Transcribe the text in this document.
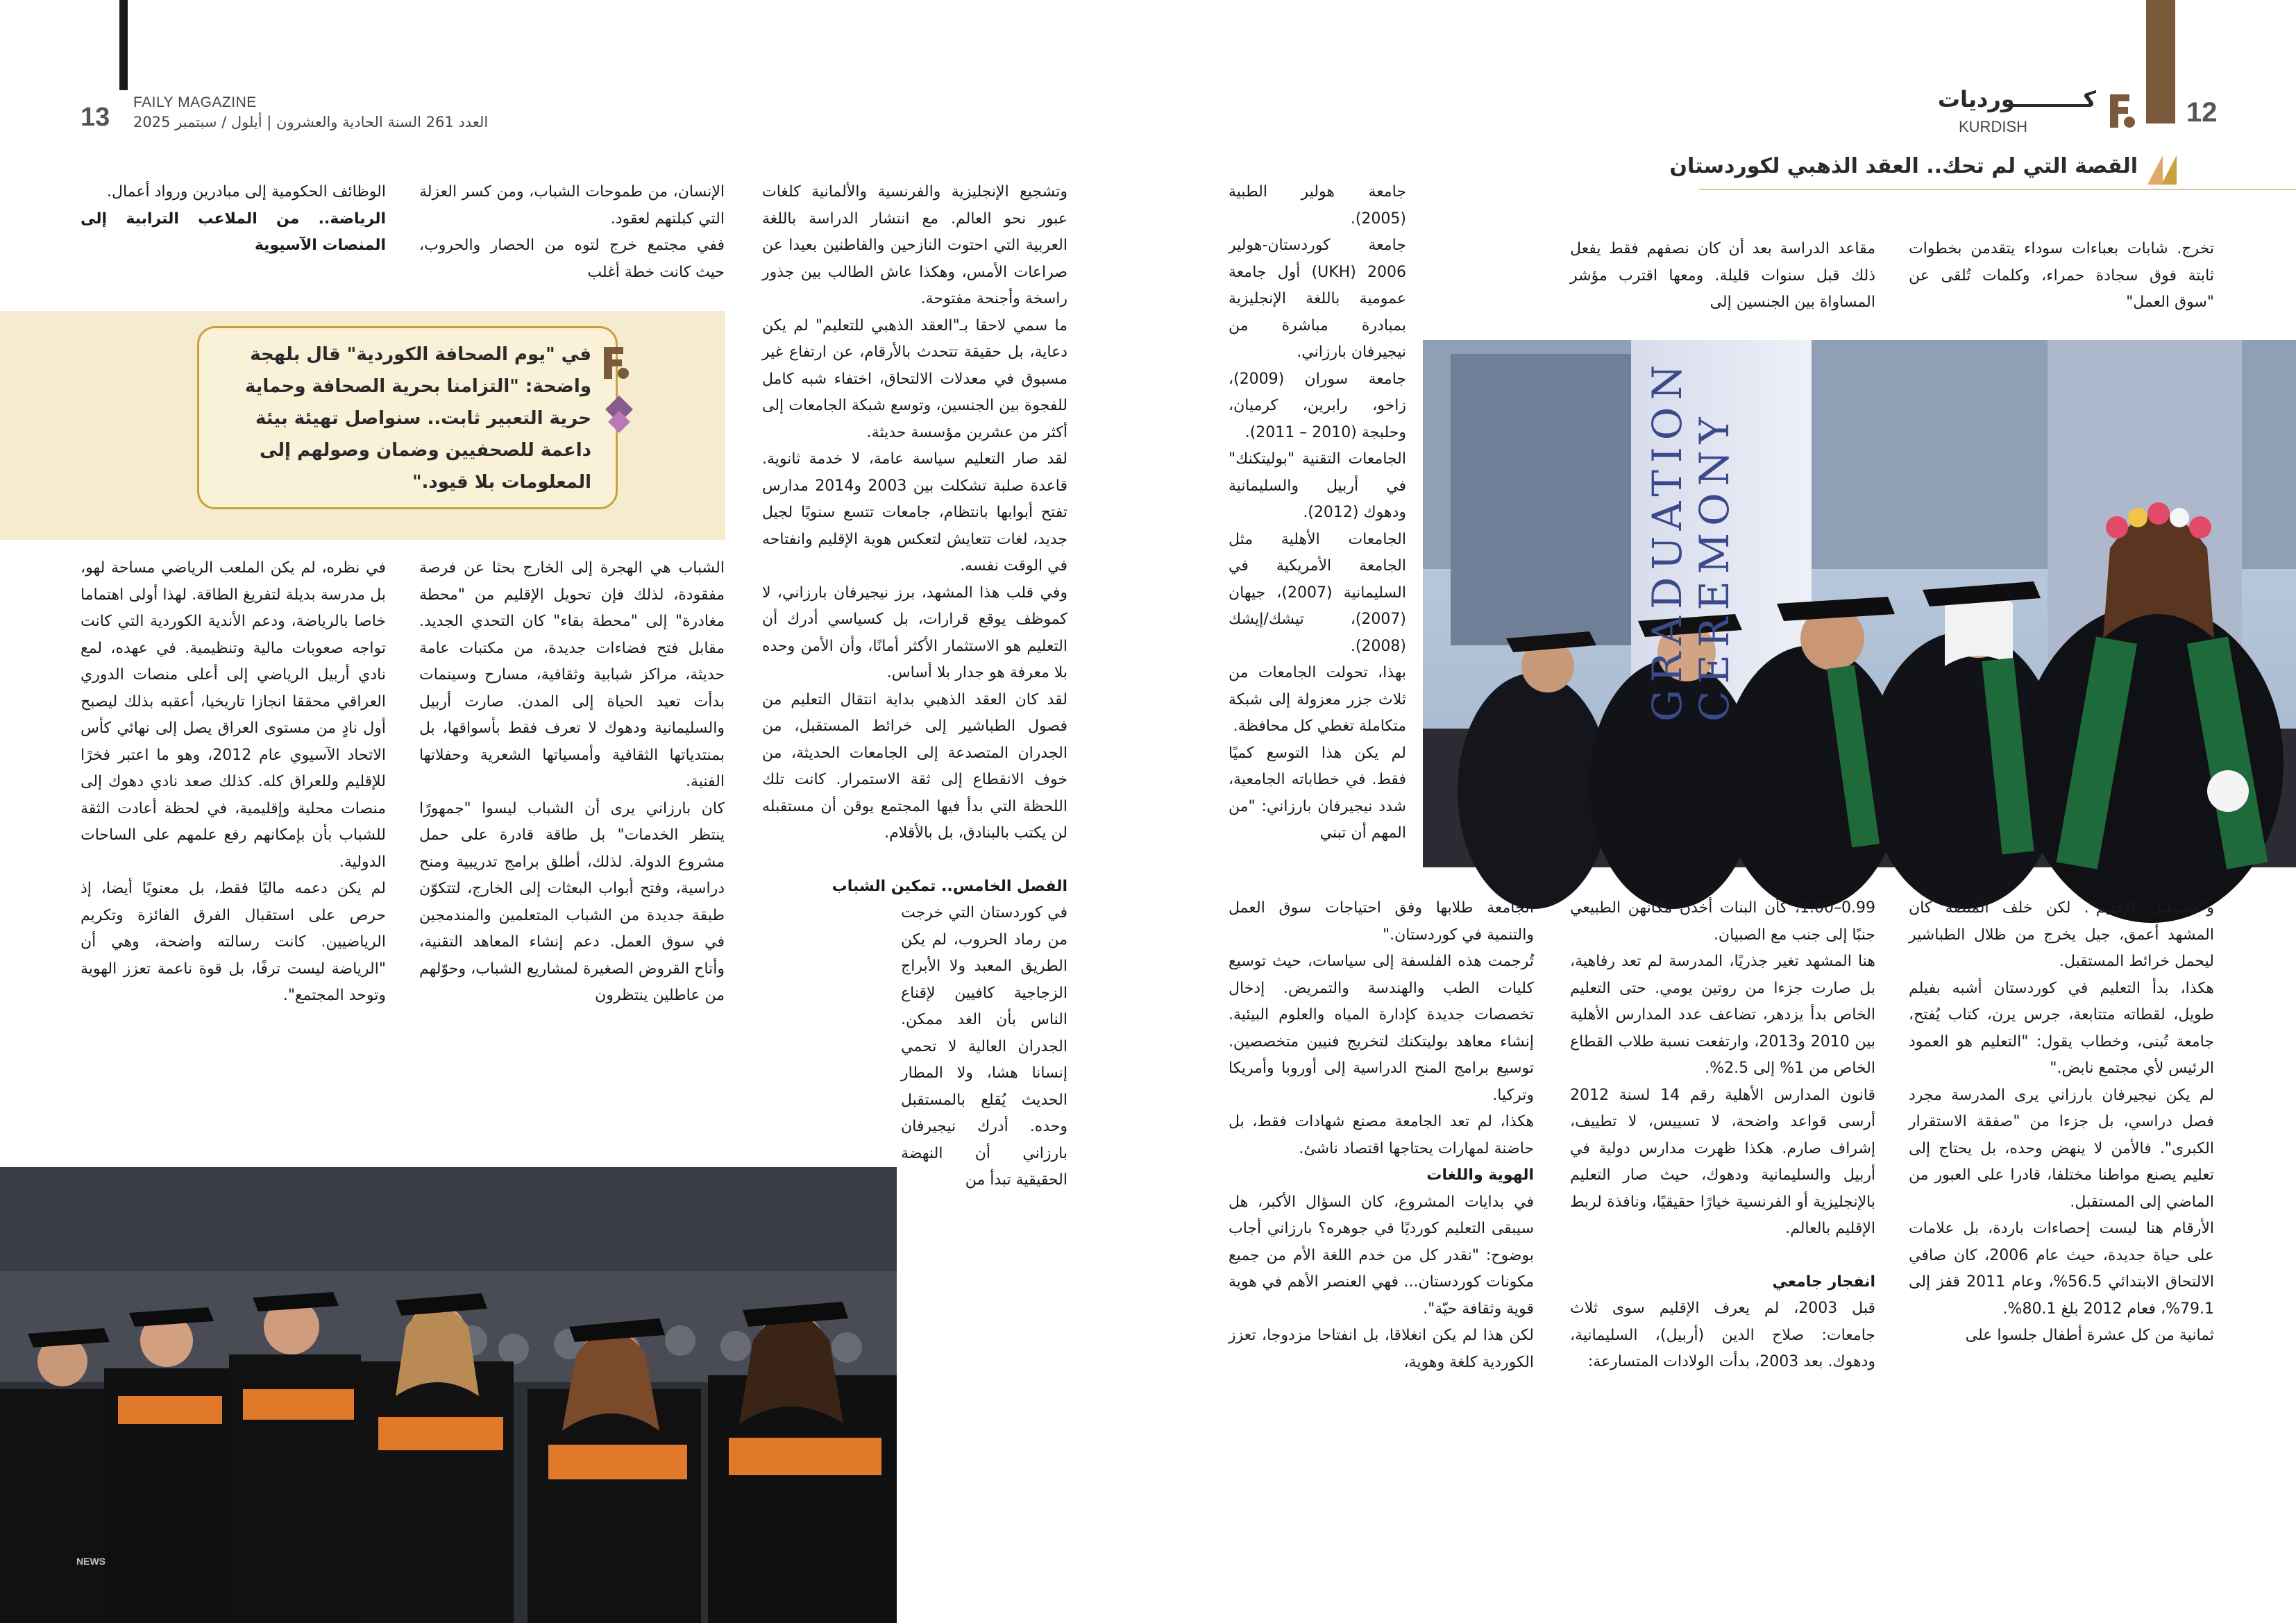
13
FAILY MAGAZINE
العدد 261 السنة الحادية والعشرون | أيلول / سبتمبر 2025	12
كـــــــــورديات
KURDISH
القصة التي لم تحك.. العقد الذهبي لكوردستان
GRADUATION CEREMONY
NEWS
في "يوم الصحافة الكوردية" قال بلهجة واضحة: "التزامنا بحرية الصحافة وحماية حرية التعبير ثابت.. سنواصل تهيئة بيئة داعمة للصحفيين وضمان وصولهم إلى المعلومات بلا قيود."

تخرج. شابات بعباءات سوداء يتقدمن بخطوات ثابتة فوق سجادة حمراء، وكلمات تُلقى عن "سوق العمل"

مقاعد الدراسة بعد أن كان نصفهم فقط يفعل ذلك قبل سنوات قليلة. ومعها اقترب مؤشر المساواة بين الجنسين إلى

جامعة هولير الطبية (2005).

جامعة كوردستان-هولير 2006 (UKH) أول جامعة عمومية باللغة الإنجليزية بمبادرة مباشرة من نيجيرفان بارزاني.

جامعة سوران (2009)، زاخو، رابرين، كرميان، وحلبجة (2010 – 2011).

الجامعات التقنية "بوليتكنك" في أربيل والسليمانية ودهوك (2012).

الجامعات الأهلية مثل الجامعة الأمريكية في السليمانية (2007)، جيهان (2007)، تيشك/إيشك (2008).

بهذا، تحولت الجامعات من ثلاث جزر معزولة إلى شبكة متكاملة تغطي كل محافظة.

لم يكن هذا التوسع كميًا فقط. في خطاباته الجامعية، شدد نيجيرفان بارزاني: "من المهم أن تبني

و"مستقبل الإقليم". لكن خلف المنصة كان المشهد أعمق، جيل يخرج من ظلال الطباشير ليحمل خرائط المستقبل.

هكذا، بدأ التعليم في كوردستان أشبه بفيلم طويل، لقطاته متتابعة، جرس يرن، كتاب يُفتح، جامعة تُبنى، وخطاب يقول: "التعليم هو العمود الرئيس لأي مجتمع نابض."

لم يكن نيجيرفان بارزاني يرى المدرسة مجرد فصل دراسي، بل جزءا من "صفقة الاستقرار الكبرى". فالأمن لا ينهض وحده، بل يحتاج إلى تعليم يصنع مواطنا مختلفا، قادرا على العبور من الماضي إلى المستقبل.

الأرقام هنا ليست إحصاءات باردة، بل علامات على حياة جديدة، حيث عام 2006، كان صافي الالتحاق الابتدائي 56.5%، وعام 2011 قفز إلى 79.1%، فعام 2012 بلغ 80.1%.

ثمانية من كل عشرة أطفال جلسوا على

0.99–1.00، كأن البنات أخذن مكانهن الطبيعي جنبًا إلى جنب مع الصبيان.

هنا المشهد تغير جذريًا، المدرسة لم تعد رفاهية، بل صارت جزءا من روتين يومي. حتى التعليم الخاص بدأ يزدهر، تضاعف عدد المدارس الأهلية بين 2010 و2013، وارتفعت نسبة طلاب القطاع الخاص من 1% إلى 2.5%.

قانون المدارس الأهلية رقم 14 لسنة 2012 أرسى قواعد واضحة، لا تسييس، لا تطييف، إشراف صارم. هكذا ظهرت مدارس دولية في أربيل والسليمانية ودهوك، حيث صار التعليم بالإنجليزية أو الفرنسية خيارًا حقيقيًا، ونافذة لربط الإقليم بالعالم.

انفجار جامعي

قبل 2003، لم يعرف الإقليم سوى ثلاث جامعات: صلاح الدين (أربيل)، السليمانية، ودهوك. بعد 2003، بدأت الولادات المتسارعة:

الجامعة طلابها وفق احتياجات سوق العمل والتنمية في كوردستان."

تُرجمت هذه الفلسفة إلى سياسات، حيث توسيع كليات الطب والهندسة والتمريض. إدخال تخصصات جديدة كإدارة المياه والعلوم البيئية. إنشاء معاهد بوليتكنك لتخريج فنيين متخصصين. توسيع برامج المنح الدراسية إلى أوروبا وأمريكا وتركيا.

هكذا، لم تعد الجامعة مصنع شهادات فقط، بل حاضنة لمهارات يحتاجها اقتصاد ناشئ.

الهوية واللغات

في بدايات المشروع، كان السؤال الأكبر، هل سيبقى التعليم كورديًا في جوهره؟ بارزاني أجاب بوضوح: "نقدر كل من خدم اللغة الأم من جميع مكونات كوردستان... فهي العنصر الأهم في هوية قوية وثقافة حيّة".

لكن هذا لم يكن انغلاقا، بل انفتاحا مزدوجا، تعزز الكوردية كلغة وهوية،

وتشجيع الإنجليزية والفرنسية والألمانية كلغات عبور نحو العالم. مع انتشار الدراسة باللغة العربية التي احتوت النازحين والقاطنين بعيدا عن صراعات الأمس، وهكذا عاش الطالب بين جذور راسخة وأجنحة مفتوحة.

ما سمي لاحقا بـ"العقد الذهبي للتعليم" لم يكن دعاية، بل حقيقة تتحدث بالأرقام، عن ارتفاع غير مسبوق في معدلات الالتحاق، اختفاء شبه كامل للفجوة بين الجنسين، وتوسع شبكة الجامعات إلى أكثر من عشرين مؤسسة حديثة.

لقد صار التعليم سياسة عامة، لا خدمة ثانوية. قاعدة صلبة تشكلت بين 2003 و2014 مدارس تفتح أبوابها بانتظام، جامعات تتسع سنويًا لجيل جديد، لغات تتعايش لتعكس هوية الإقليم وانفتاحه في الوقت نفسه.

وفي قلب هذا المشهد، برز نيجيرفان بارزاني، لا كموظف يوقع قرارات، بل كسياسي أدرك أن التعليم هو الاستثمار الأكثر أمانًا، وأن الأمن وحده بلا معرفة هو جدار بلا أساس.

لقد كان العقد الذهبي بداية انتقال التعليم من فصول الطباشير إلى خرائط المستقبل، من الجدران المتصدعة إلى الجامعات الحديثة، من خوف الانقطاع إلى ثقة الاستمرار. كانت تلك اللحظة التي بدأ فيها المجتمع يوقن أن مستقبله لن يكتب بالبنادق، بل بالأقلام.

الفصل الخامس.. تمكين الشباب

في كوردستان التي خرجت من رماد الحروب، لم يكن الطريق المعبد ولا الأبراج الزجاجية كافيين لإقناع الناس بأن الغد ممكن. الجدران العالية لا تحمي إنسانا هشا، ولا المطار الحديث يُقلع بالمستقبل وحده. أدرك نيجيرفان بارزاني أن النهضة الحقيقية تبدأ من

الإنسان، من طموحات الشباب، ومن كسر العزلة التي كبلتهم لعقود.

ففي مجتمع خرج لتوه من الحصار والحروب، حيث كانت خطة أغلب

الوظائف الحكومية إلى مبادرين ورواد أعمال.

الرياضة.. من الملاعب الترابية إلى المنصات الآسيوية

الشباب هي الهجرة إلى الخارج بحثا عن فرصة مفقودة، لذلك فإن تحويل الإقليم من "محطة مغادرة" إلى "محطة بقاء" كان التحدي الجديد. مقابل فتح فضاءات جديدة، من مكتبات عامة حديثة، مراكز شبابية وثقافية، مسارح وسينمات بدأت تعيد الحياة إلى المدن. صارت أربيل والسليمانية ودهوك لا تعرف فقط بأسواقها، بل بمنتدياتها الثقافية وأمسياتها الشعرية وحفلاتها الفنية.

كان بارزاني يرى أن الشباب ليسوا "جمهورًا ينتظر الخدمات" بل طاقة قادرة على حمل مشروع الدولة. لذلك، أطلق برامج تدريبية ومنح دراسية، وفتح أبواب البعثات إلى الخارج، لتتكوّن طبقة جديدة من الشباب المتعلمين والمندمجين في سوق العمل. دعم إنشاء المعاهد التقنية، وأتاح القروض الصغيرة لمشاريع الشباب، وحوّلهم من عاطلين ينتظرون

في نظره، لم يكن الملعب الرياضي مساحة لهو، بل مدرسة بديلة لتفريغ الطاقة. لهذا أولى اهتماما خاصا بالرياضة، ودعم الأندية الكوردية التي كانت تواجه صعوبات مالية وتنظيمية. في عهده، لمع نادي أربيل الرياضي إلى أعلى منصات الدوري العراقي محققا انجازا تاريخيا، أعقبه بذلك ليصبح أول نادٍ من مستوى العراق يصل إلى نهائي كأس الاتحاد الآسيوي عام 2012، وهو ما اعتبر فخرًا للإقليم وللعراق كله. كذلك صعد نادي دهوك إلى منصات محلية وإقليمية، في لحظة أعادت الثقة للشباب بأن بإمكانهم رفع علمهم على الساحات الدولية.

لم يكن دعمه ماليًا فقط، بل معنويًا أيضا، إذ حرص على استقبال الفرق الفائزة وتكريم الرياضيين. كانت رسالته واضحة، وهي أن "الرياضة ليست ترفًا، بل قوة ناعمة تعزز الهوية وتوحد المجتمع".
